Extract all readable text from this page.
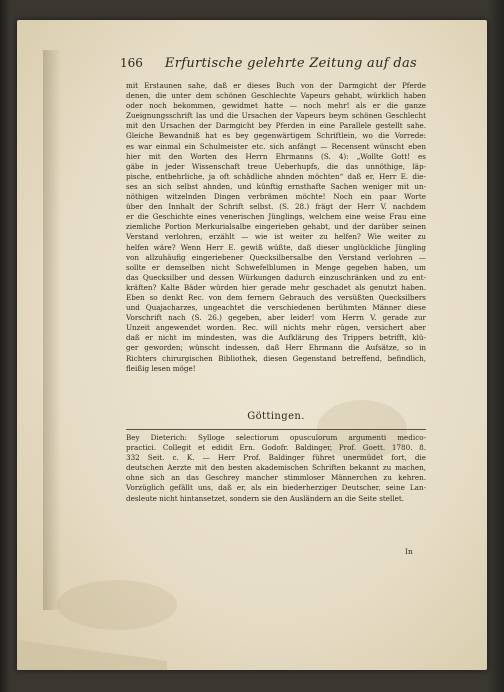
166 Erfurtische gelehrte Zeitung auf das
mit Erstaunen sahe, daß er dieses Buch von der Darmgicht der Pferde
denen, die unter dem schönen Geschlechte Vapeurs gehabt, würklich haben
oder noch bekommen, gewidmet hatte — noch mehr! als er die ganze
Zueignungsschrift las und die Ursachen der Vapeurs beym schönen Geschlecht
mit den Ursachen der Darmgicht bey Pferden in eine Parallele gestellt sahe.
Gleiche Bewandniß hat es bey gegenwärtigem Schriftlein, wo die Vorrede:
es war einmal ein Schulmeister etc. sich anfängt — Recensent wünscht eben
hier mit den Worten des Herrn Ehrmanns (S. 4): „Wollte Gott! es
gäbe in jeder Wissenschaft treue Ueberhupfs, die das unnöthige, läp-
pische, entbehrliche, ja oft schädliche ahnden möchten“ daß er, Herr E. die-
ses an sich selbst ahnden, und künftig ernsthafte Sachen weniger mit un-
nöthigen witzelnden Dingen verbrämen möchte! Noch ein paar Worte
über den Innhalt der Schrift selbst. (S. 28.) frägt der Herr V. nachdem
er die Geschichte eines venerischen Jünglings, welchem eine weise Frau eine
ziemliche Portion Merkurialsalbe eingerieben gehabt, und der darüber seinen
Verstand verlohren, erzählt — wie ist weiter zu helfen? Wie weiter zu
helfen wäre? Wenn Herr E. gewiß wüßte, daß dieser unglückliche Jüngling
von allzuhäufig eingeriebener Quecksilbersalbe den Verstand verlohren —
sollte er demselben nicht Schwefelblumen in Menge gegeben haben, um
das Quecksilber und dessen Würkungen dadurch einzuschränken und zu ent-
kräften? Kalte Bäder würden hier gerade mehr geschadet als genutzt haben.
Eben so denkt Rec. von dem fernern Gebrauch des versüßten Quecksilbers
und Quajacharzes, ungeachtet die verschiedenen berühmten Männer diese
Vorschrift nach (S. 26.) gegeben, aber leider! vom Herrn V. gerade zur
Unzeit angewendet worden. Rec. will nichts mehr rügen, versichert aber
daß er nicht im mindesten, was die Aufklärung des Trippers betrifft, klü-
ger geworden; wünscht indessen, daß Herr Ehrmann die Aufsätze, so in
Richters chirurgischen Bibliothek, diesen Gegenstand betreffend, befindlich,
fleißig lesen möge!
Göttingen.
Bey Dieterich: Sylloge selectiorum opusculorum argumenti medico-
practici. Collegit et edidit Ern. Godofr. Baldinger, Prof. Goett. 1780. 8.
332 Seit. c. K. — Herr Prof. Baldinger führet unermüdet fort, die
deutschen Aerzte mit den besten akademischen Schriften bekannt zu machen,
ohne sich an das Geschrey mancher stimmloser Männerchen zu kehren.
Vorzüglich gefällt uns, daß er, als ein biederherziger Deutscher, seine Lan-
desleute nicht hintansetzet, sondern sie den Ausländern an die Seite stellet.
In
